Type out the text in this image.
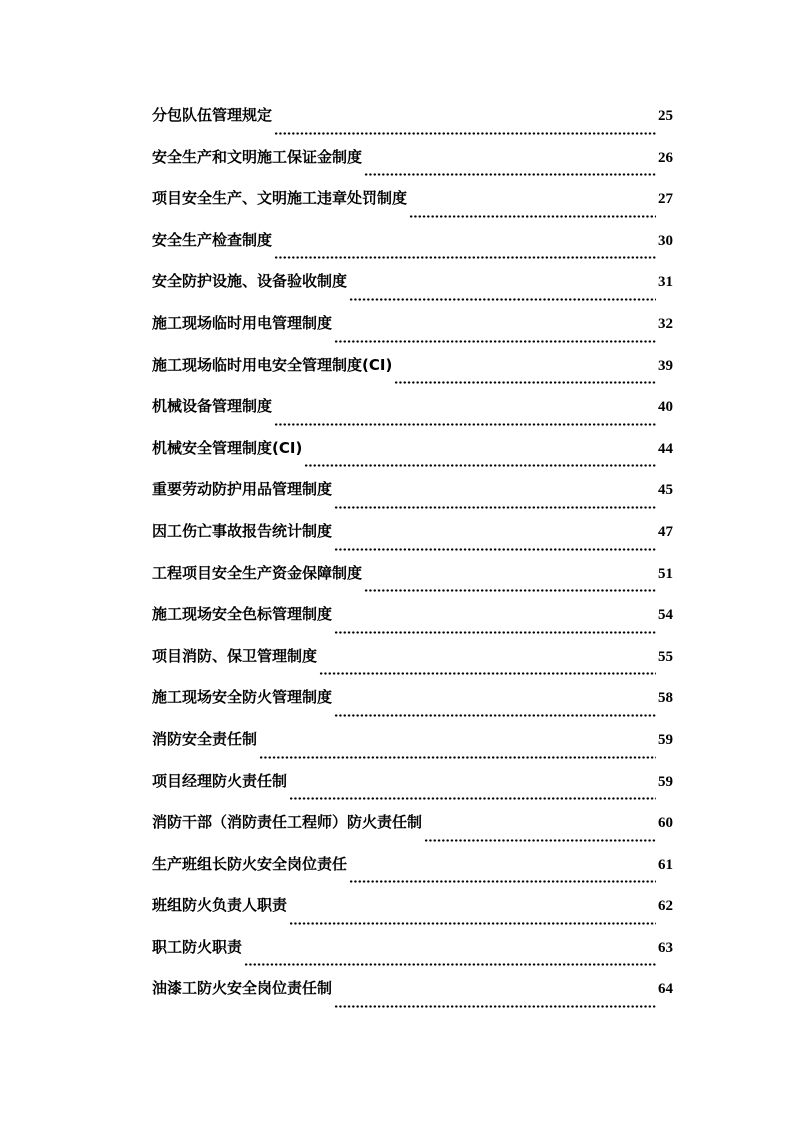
分包队伍管理规定	25
安全生产和文明施工保证金制度	26
项目安全生产、文明施工违章处罚制度	27
安全生产检查制度	30
安全防护设施、设备验收制度	31
施工现场临时用电管理制度	32
施工现场临时用电安全管理制度(CI)	39
机械设备管理制度	40
机械安全管理制度(CI)	44
重要劳动防护用品管理制度	45
因工伤亡事故报告统计制度	47
工程项目安全生产资金保障制度	51
施工现场安全色标管理制度	54
项目消防、保卫管理制度	55
施工现场安全防火管理制度	58
消防安全责任制	59
项目经理防火责任制	59
消防干部（消防责任工程师）防火责任制	60
生产班组长防火安全岗位责任	61
班组防火负责人职责	62
职工防火职责	63
油漆工防火安全岗位责任制	64
